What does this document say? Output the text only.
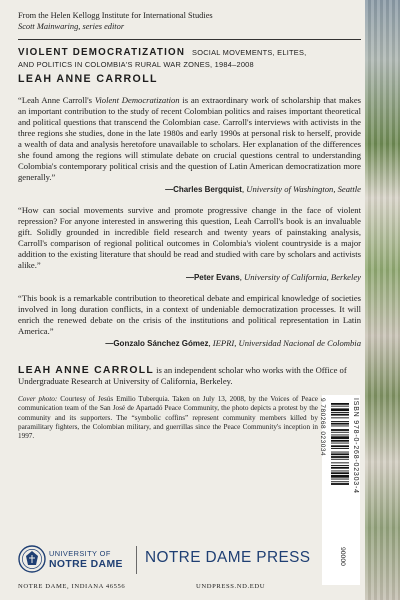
From the Helen Kellogg Institute for International Studies
Scott Mainwaring, series editor
VIOLENT DEMOCRATIZATION SOCIAL MOVEMENTS, ELITES,
AND POLITICS IN COLOMBIA'S RURAL WAR ZONES, 1984–2008
LEAH ANNE CARROLL

“Leah Anne Carroll's Violent Democratization is an extraordinary work of scholarship that makes an important contribution to the study of recent Colombian politics and raises important theoretical and political questions that transcend the Colombian case. Carroll's interviews with activists in the three regions she studies, done in the late 1980s and early 1990s at personal risk to herself, provide a wealth of data and analysis heretofore unavailable to scholars. Her explanation of the differences she found among the regions will stimulate debate on crucial questions central to understanding Colombia's contemporary political crisis and the question of Latin American democratization more generally.”

—Charles Bergquist, University of Washington, Seattle

“How can social movements survive and promote progressive change in the face of violent repression? For anyone interested in answering this question, Leah Carroll's book is an invaluable gift. Solidly grounded in incredible field research and twenty years of painstaking analysis, Carroll's comparison of regional political outcomes in Colombia's violent countryside is a major addition to the existing literature that should be read and studied with care by scholars and activists alike.”

—Peter Evans, University of California, Berkeley

“This book is a remarkable contribution to theoretical debate and empirical knowledge of societies involved in long duration conflicts, in a context of undeniable democratization processes. It will enrich the renewed debate on the crisis of the institutions and political representation in Latin America.”

—Gonzalo Sánchez Gómez, IEPRI, Universidad Nacional de Colombia
LEAH ANNE CARROLL is an independent scholar who works with the Office of Undergraduate Research at University of California, Berkeley.
Cover photo: Courtesy of Jesús Emilio Tuberquia. Taken on July 13, 2008, by the Voices of Peace communication team of the San José de Apartadó Peace Community, the photo depicts a protest by the community and its supporters. The “symbolic coffins” represent community members killed by paramilitary fighters, the Colombian military, and guerrillas since the Peace Community's inception in 1997.	ISBN 978-0-268-02303-4
9 780268 023034
90000
UNIVERSITY OF
NOTRE DAME NOTRE DAME PRESS
NOTRE DAME, INDIANA 46556	UNDPRESS.ND.EDU
